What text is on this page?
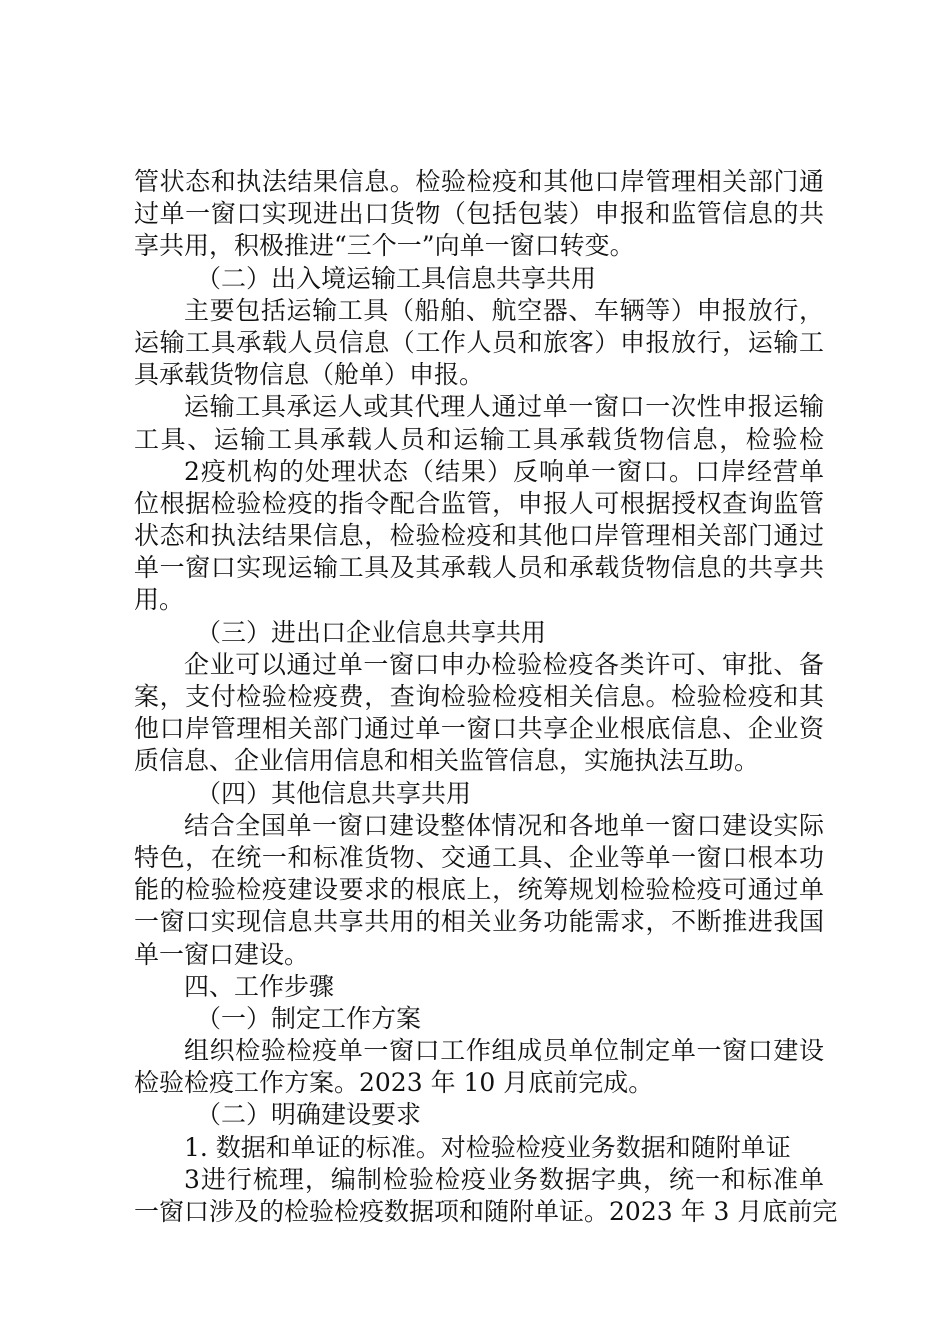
管状态和执法结果信息。检验检疫和其他口岸管理相关部门通
过单一窗口实现进出口货物（包括包装）申报和监管信息的共
享共用，积极推进“三个一”向单一窗口转变。
（二）出入境运输工具信息共享共用
主要包括运输工具（船舶、航空器、车辆等）申报放行，
运输工具承载人员信息（工作人员和旅客）申报放行，运输工
具承载货物信息（舱单）申报。
运输工具承运人或其代理人通过单一窗口一次性申报运输
工具、运输工具承载人员和运输工具承载货物信息，检验检
2疫机构的处理状态（结果）反响单一窗口。口岸经营单
位根据检验检疫的指令配合监管，申报人可根据授权查询监管
状态和执法结果信息，检验检疫和其他口岸管理相关部门通过
单一窗口实现运输工具及其承载人员和承载货物信息的共享共
用。
（三）进出口企业信息共享共用
企业可以通过单一窗口申办检验检疫各类许可、审批、备
案，支付检验检疫费，查询检验检疫相关信息。检验检疫和其
他口岸管理相关部门通过单一窗口共享企业根底信息、企业资
质信息、企业信用信息和相关监管信息，实施执法互助。
（四）其他信息共享共用
结合全国单一窗口建设整体情况和各地单一窗口建设实际
特色，在统一和标准货物、交通工具、企业等单一窗口根本功
能的检验检疫建设要求的根底上，统筹规划检验检疫可通过单
一窗口实现信息共享共用的相关业务功能需求，不断推进我国
单一窗口建设。
四、工作步骤
（一）制定工作方案
组织检验检疫单一窗口工作组成员单位制定单一窗口建设
检验检疫工作方案。2023 年 10 月底前完成。
（二）明确建设要求
1. 数据和单证的标准。对检验检疫业务数据和随附单证
3进行梳理，编制检验检疫业务数据字典，统一和标准单
一窗口涉及的检验检疫数据项和随附单证。2023 年 3 月底前完
